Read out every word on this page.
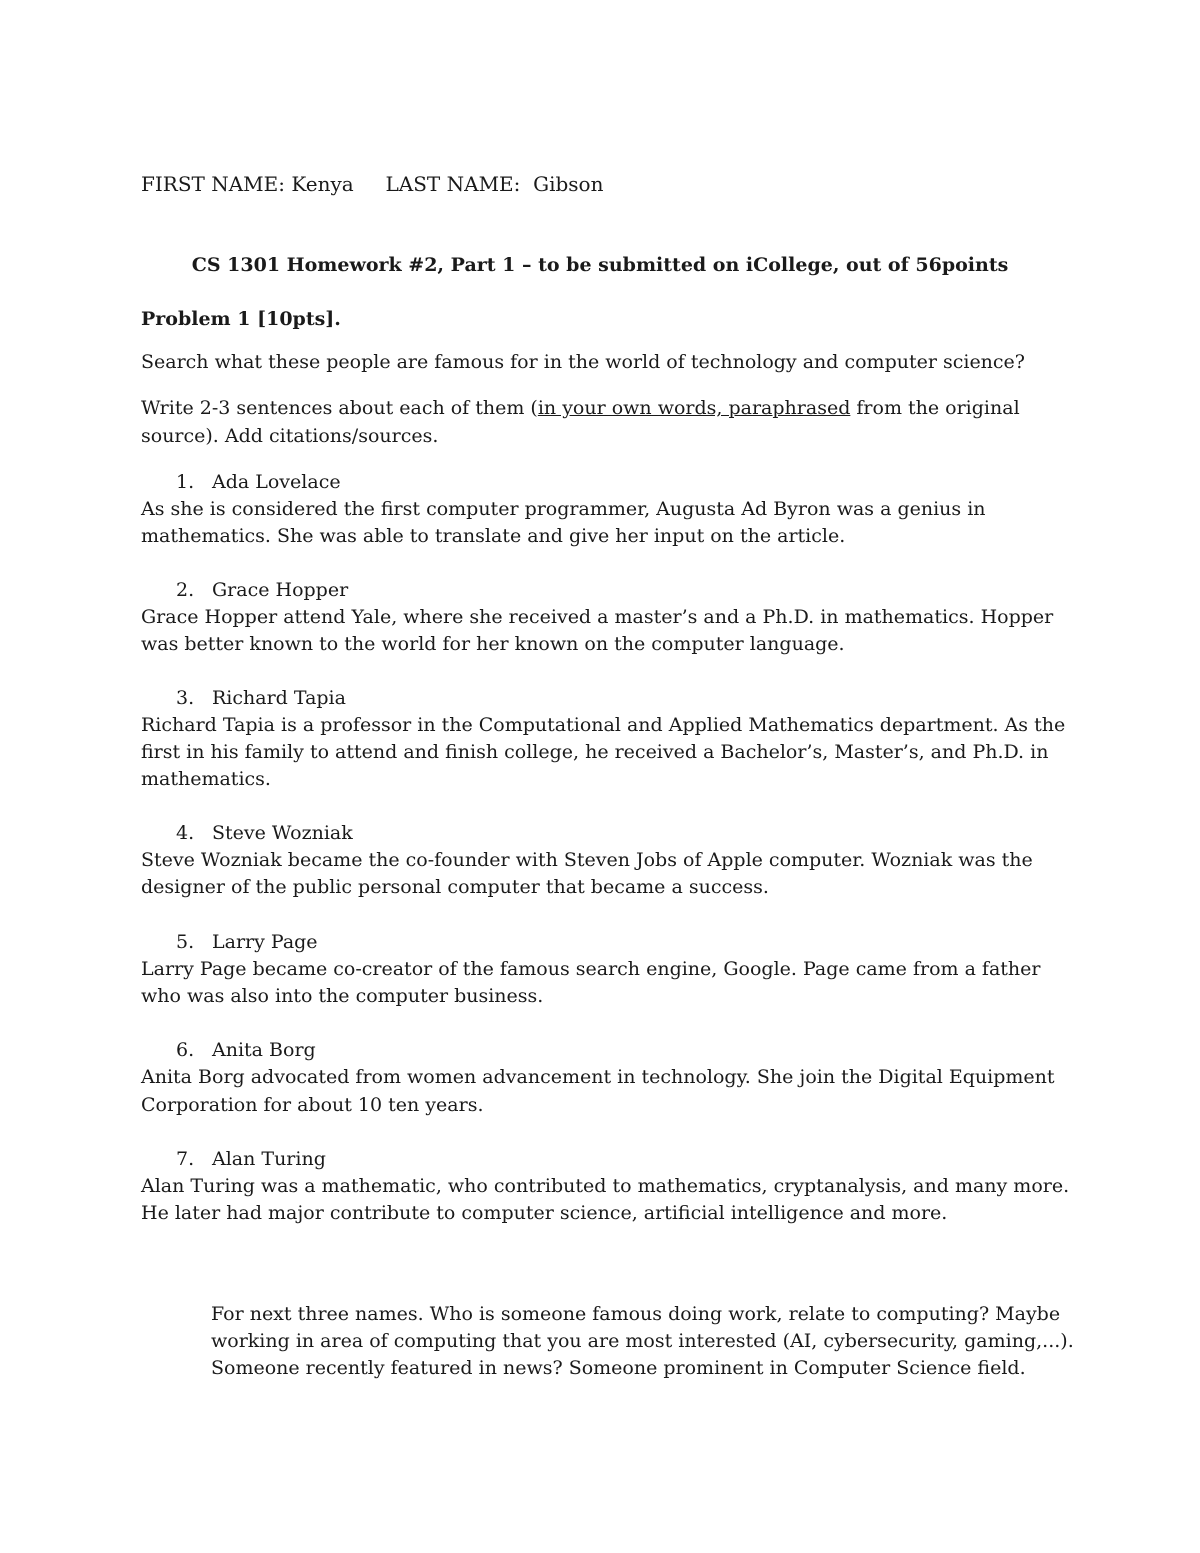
FIRST NAME: Kenya LAST NAME: Gibson
CS 1301 Homework #2, Part 1 – to be submitted on iCollege, out of 56points
Problem 1 [10pts].
Search what these people are famous for in the world of technology and computer science?
Write 2-3 sentences about each of them (in your own words, paraphrased from the original
source). Add citations/sources.
1. Ada Lovelace
As she is considered the first computer programmer, Augusta Ad Byron was a genius in
mathematics. She was able to translate and give her input on the article.
2. Grace Hopper
Grace Hopper attend Yale, where she received a master’s and a Ph.D. in mathematics. Hopper
was better known to the world for her known on the computer language.
3. Richard Tapia
Richard Tapia is a professor in the Computational and Applied Mathematics department. As the
first in his family to attend and finish college, he received a Bachelor’s, Master’s, and Ph.D. in
mathematics.
4. Steve Wozniak
Steve Wozniak became the co-founder with Steven Jobs of Apple computer. Wozniak was the
designer of the public personal computer that became a success.
5. Larry Page
Larry Page became co-creator of the famous search engine, Google. Page came from a father
who was also into the computer business.
6. Anita Borg
Anita Borg advocated from women advancement in technology. She join the Digital Equipment
Corporation for about 10 ten years.
7. Alan Turing
Alan Turing was a mathematic, who contributed to mathematics, cryptanalysis, and many more.
He later had major contribute to computer science, artificial intelligence and more.
For next three names. Who is someone famous doing work, relate to computing? Maybe
working in area of computing that you are most interested (AI, cybersecurity, gaming,...).
Someone recently featured in news? Someone prominent in Computer Science field.
